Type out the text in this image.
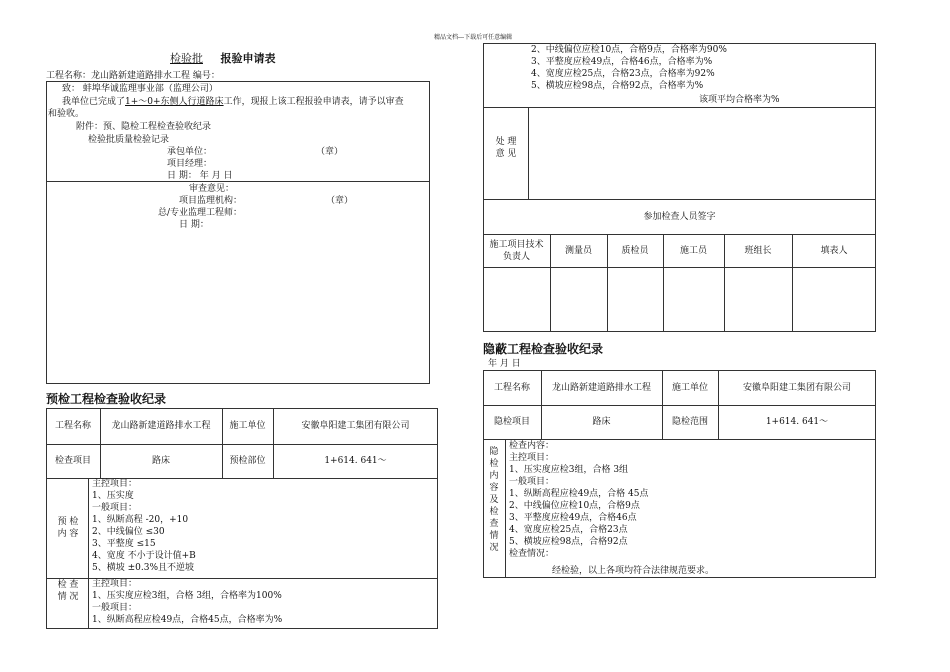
精品文档---下载后可任意编辑
检验批 报验申请表
工程名称：龙山路新建道路排水工程 编号：
致： 蚌埠华诚监理事业部（监理公司）
我单位已完成了1+～0+东侧人行道路床工作，现报上该工程报验申请表，请予以审查
和验收。
附件：预、隐检工程检查验收纪录
检验批质量检验记录
承包单位：	（章）
项目经理：
日 期： 年 月 日
审查意见：
项目监理机构：	（章）
总/专业监理工程师：
日 期：
预检工程检查验收纪录
工程名称	龙山路新建道路排水工程	施工单位	安徽阜阳建工集团有限公司
检查项目	路床	预检部位	1+614. 641～
预 检 内 容
主控项目：
1、压实度
一般项目：
1、纵断高程 -20，+10
2、中线偏位 ≤30
3、平整度 ≤15
4、宽度 不小于设计值+B
5、横坡 ±0.3%且不逆坡
检 查 情 况
主控项目：
1、压实度应检3组，合格 3组，合格率为100%
一般项目：
1、纵断高程应检49点，合格45点，合格率为%
2、中线偏位应检10点，合格9点，合格率为90%
3、平整度应检49点，合格46点，合格率为%
4、宽度应检25点，合格23点，合格率为92%
5、横坡应检98点，合格92点，合格率为%
该项平均合格率为%
处 理 意 见
参加检查人员签字
施工项目技术负责人
测量员	质检员	施工员	班组长	填表人
隐蔽工程检查验收纪录
年 月 日
工程名称	龙山路新建道路排水工程	施工单位	安徽阜阳建工集团有限公司
隐检项目	路床	隐检范围	1+614. 641～
隐检内容及检查情况
检查内容：
主控项目：
1、压实度应检3组，合格 3组
一般项目：
1、纵断高程应检49点，合格 45点
2、中线偏位应检10点，合格9点
3、平整度应检49点，合格46点
4、宽度应检25点，合格23点
5、横坡应检98点，合格92点
检查情况：
经检验，以上各项均符合法律规范要求。
